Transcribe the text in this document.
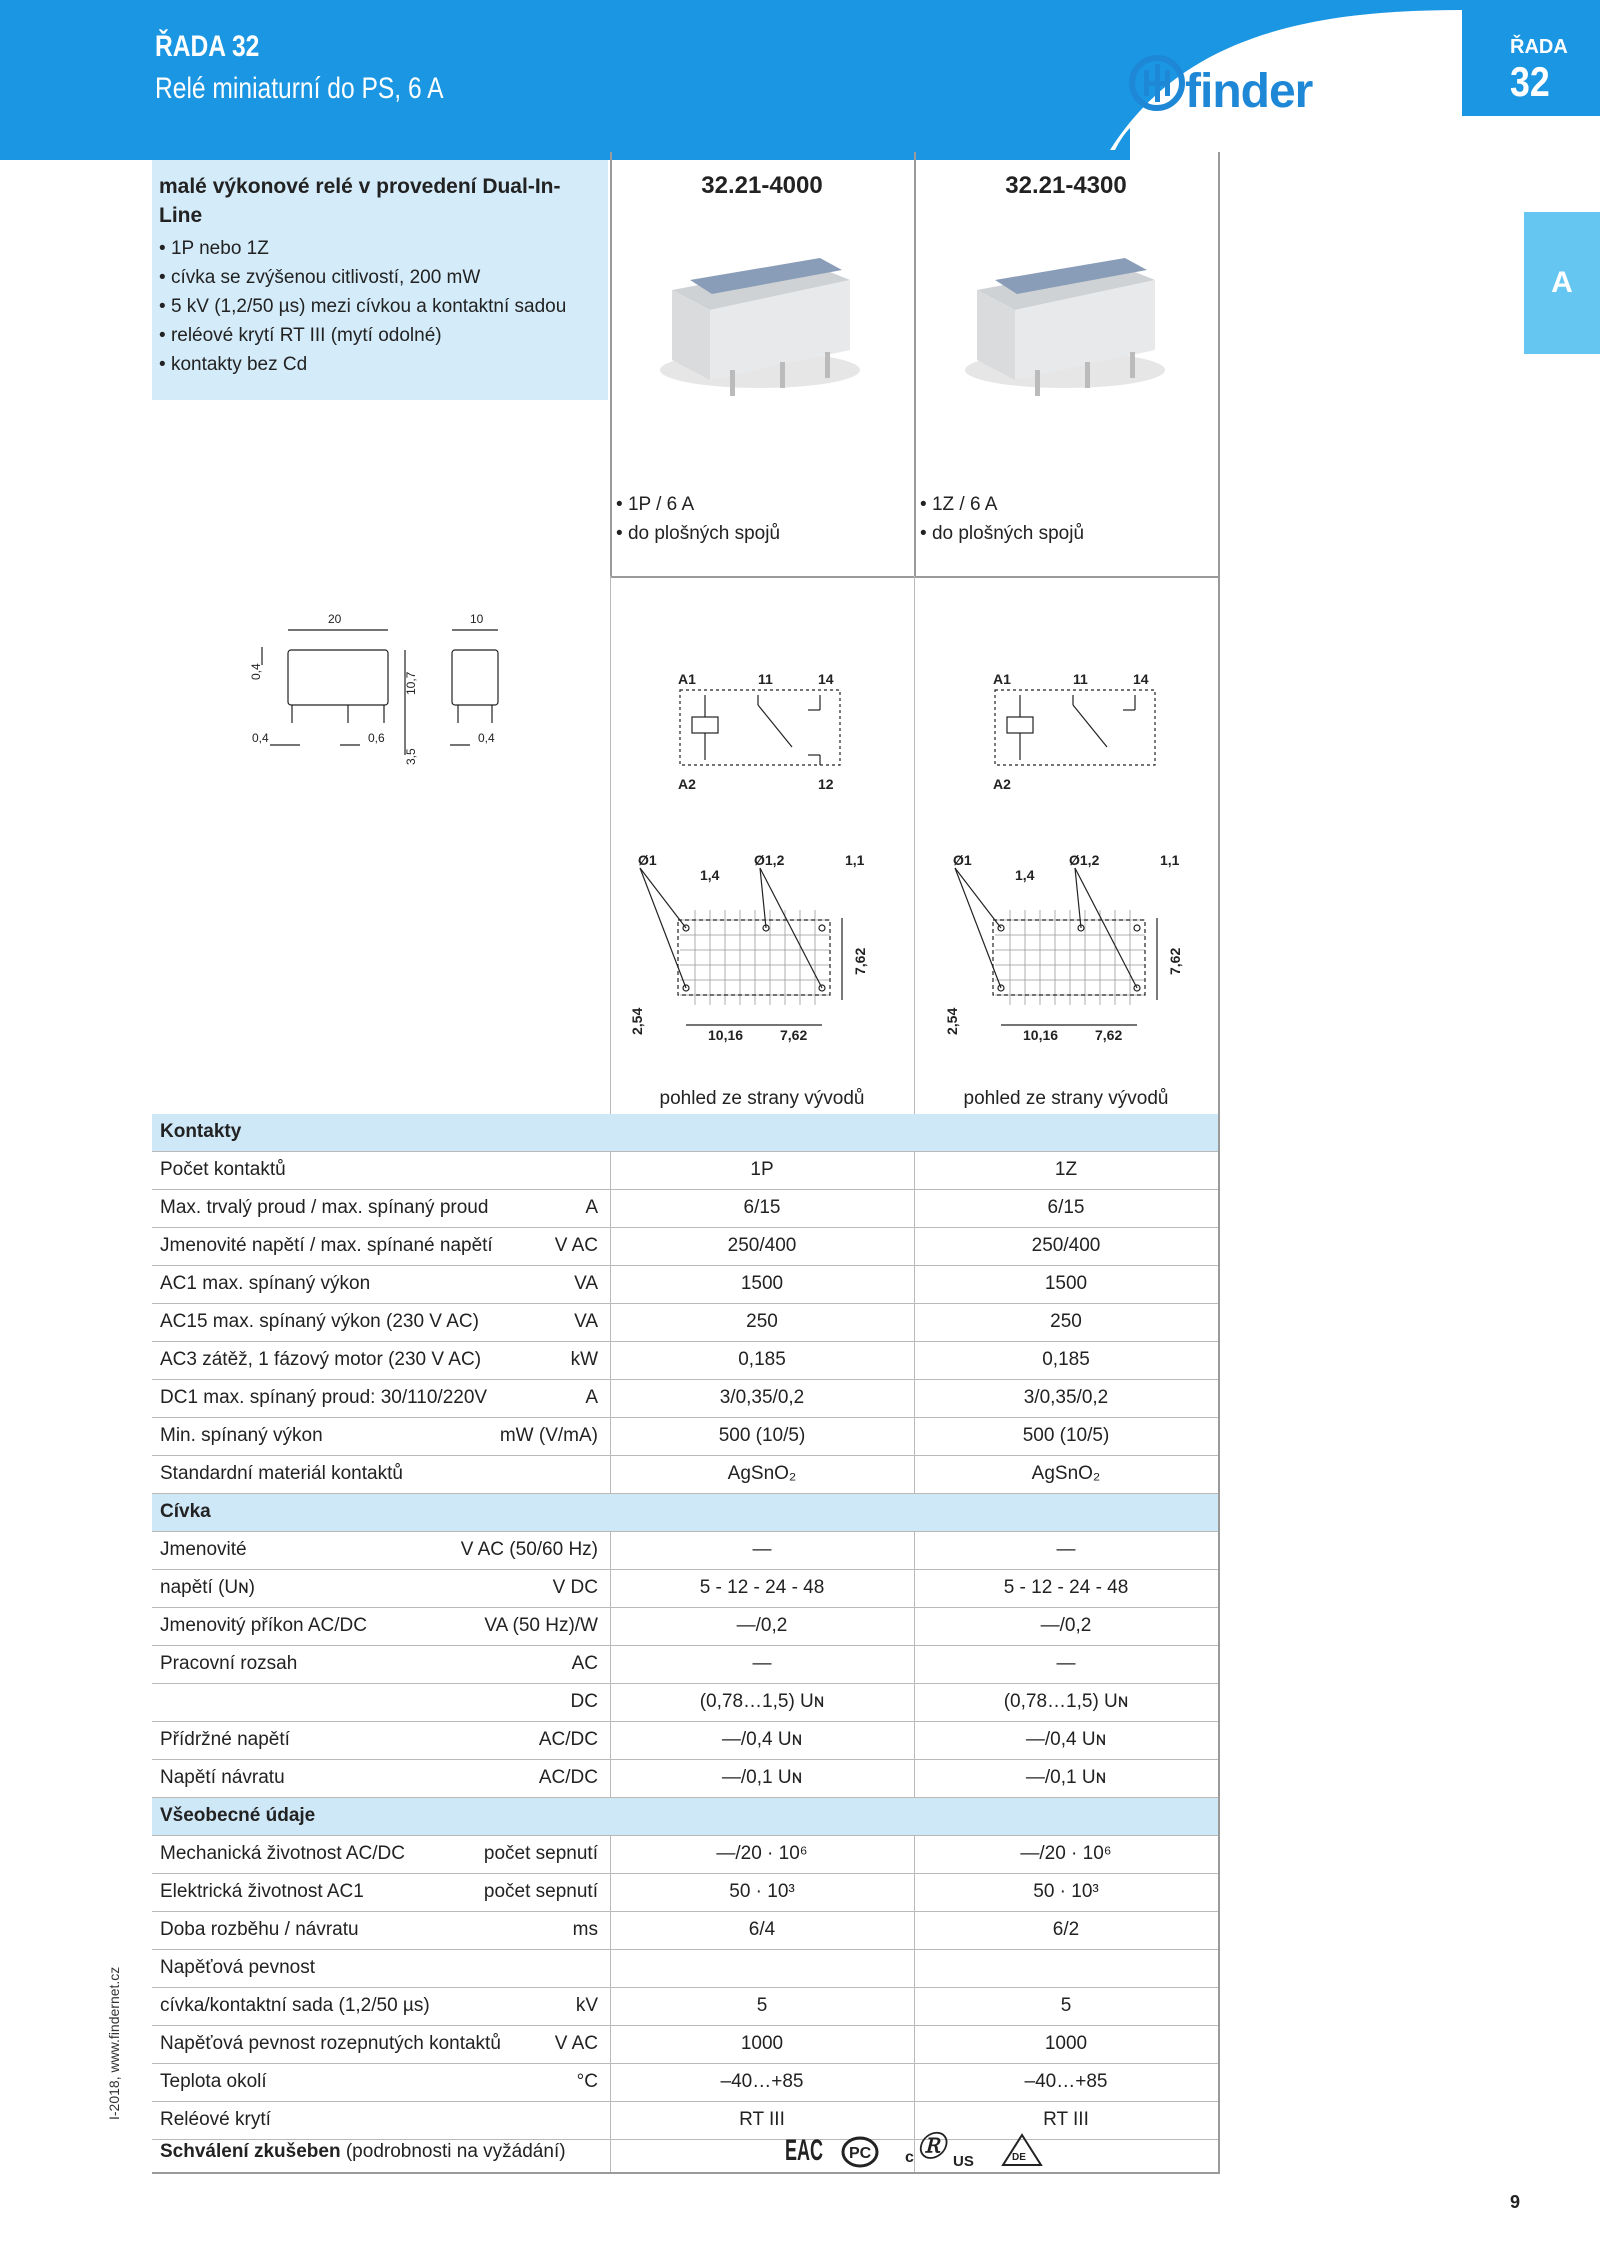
ŘADA 32
Relé miniaturní do PS, 6 A	finder
ŘADA
32
A
malé výkonové relé v provedení Dual-In-Line
• 1P nebo 1Z
• cívka se zvýšenou citlivostí, 200 mW
• 5 kV (1,2/50 µs) mezi cívkou a kontaktní sadou
• reléové krytí RT III (mytí odolné)
• kontakty bez Cd
32.21-4000	32.21-4300
• 1P / 6 A
• do plošných spojů
• 1Z / 6 A
• do plošných spojů
20	10
0,4	10,7
0,4	0,6
3,5
0,4
A1	11	14
A2	12
A1	11	14
A2
Ø1
1,4
Ø1,2	1,1
7,62
2,54	10,16	7,62
Ø1
1,4
Ø1,2	1,1
7,62
2,54	10,16	7,62
pohled ze strany vývodů	pohled ze strany vývodů
Kontakty
Počet kontaktů	1P	1Z
Max. trvalý proud / max. spínaný proud	A	6/15	6/15
Jmenovité napětí / max. spínané napětí	V AC	250/400	250/400
AC1 max. spínaný výkon	VA	1500	1500
AC15 max. spínaný výkon (230 V AC)	VA	250	250
AC3 zátěž, 1 fázový motor (230 V AC)	kW	0,185	0,185
DC1 max. spínaný proud: 30/110/220V	A	3/0,35/0,2	3/0,35/0,2
Min. spínaný výkon	mW (V/mA)	500 (10/5)	500 (10/5)
Standardní materiál kontaktů	AgSnO₂	AgSnO₂
Cívka
Jmenovité	V AC (50/60 Hz)	—	—
napětí (Uɴ)	V DC	5 - 12 - 24 - 48	5 - 12 - 24 - 48
Jmenovitý příkon AC/DC	VA (50 Hz)/W	—/0,2	—/0,2
Pracovní rozsah	AC	—	—
DC	(0,78…1,5) Uɴ	(0,78…1,5) Uɴ
Přídržné napětí	AC/DC	—/0,4 Uɴ	—/0,4 Uɴ
Napětí návratu	AC/DC	—/0,1 Uɴ	—/0,1 Uɴ
Všeobecné údaje
Mechanická životnost AC/DC	počet sepnutí	—/20 · 10⁶	—/20 · 10⁶
Elektrická životnost AC1	počet sepnutí	50 · 10³	50 · 10³
Doba rozběhu / návratu	ms	6/4	6/2
Napěťová pevnost
cívka/kontaktní sada (1,2/50 µs)	kV	5	5
Napěťová pevnost rozepnutých kontaktů	V AC	1000	1000
Teplota okolí	°C	–40…+85	–40…+85
Reléové krytí	RT III	RT III
Schválení zkušeben (podrobnosti na vyžádání)	EAC PC c Ⓡ US	DE
9
I-2018, www.findernet.cz
